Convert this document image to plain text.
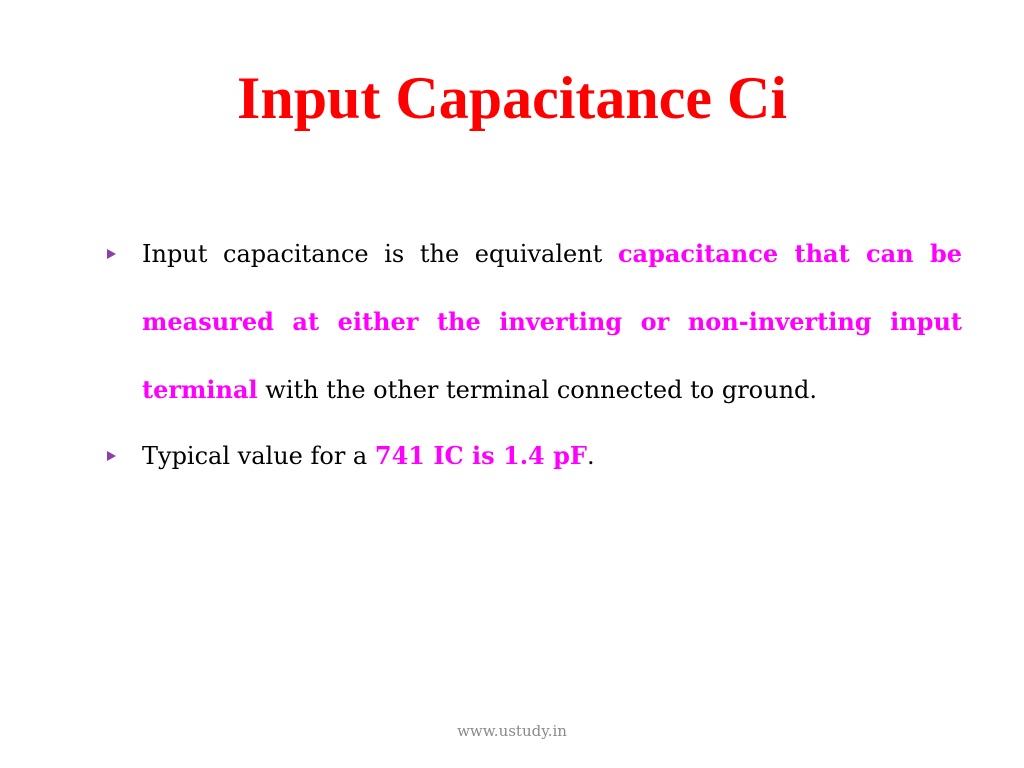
Input Capacitance Ci
Input capacitance is the equivalent capacitance that can be measured at either the inverting or non-inverting input terminal with the other terminal connected to ground.
Typical value for a 741 IC is 1.4 pF.
www.ustudy.in
